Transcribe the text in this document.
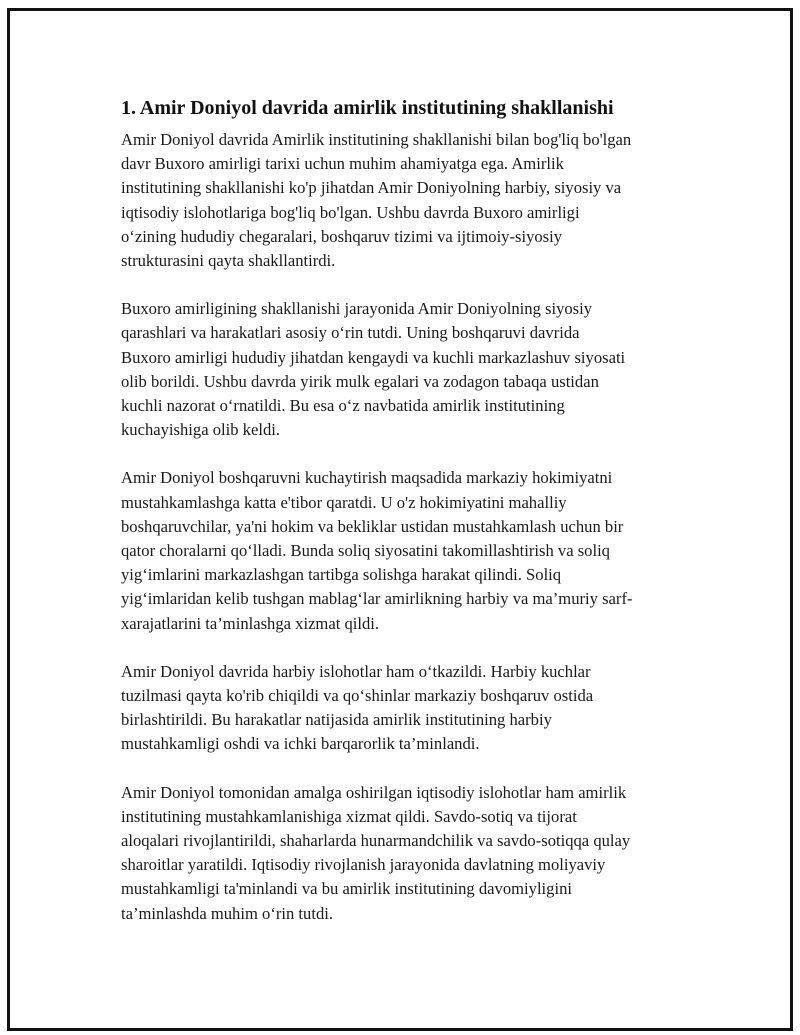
1. Amir Doniyol davrida amirlik institutining shakllanishi

Amir Doniyol davrida Amirlik institutining shakllanishi bilan bog'liq bo'lgan
davr Buxoro amirligi tarixi uchun muhim ahamiyatga ega. Amirlik
institutining shakllanishi ko'p jihatdan Amir Doniyolning harbiy, siyosiy va
iqtisodiy islohotlariga bog'liq bo'lgan. Ushbu davrda Buxoro amirligi
o‘zining hududiy chegaralari, boshqaruv tizimi va ijtimoiy-siyosiy
strukturasini qayta shakllantirdi.

Buxoro amirligining shakllanishi jarayonida Amir Doniyolning siyosiy
qarashlari va harakatlari asosiy o‘rin tutdi. Uning boshqaruvi davrida
Buxoro amirligi hududiy jihatdan kengaydi va kuchli markazlashuv siyosati
olib borildi. Ushbu davrda yirik mulk egalari va zodagon tabaqa ustidan
kuchli nazorat o‘rnatildi. Bu esa o‘z navbatida amirlik institutining
kuchayishiga olib keldi.

Amir Doniyol boshqaruvni kuchaytirish maqsadida markaziy hokimiyatni
mustahkamlashga katta e'tibor qaratdi. U o'z hokimiyatini mahalliy
boshqaruvchilar, ya'ni hokim va bekliklar ustidan mustahkamlash uchun bir
qator choralarni qo‘lladi. Bunda soliq siyosatini takomillashtirish va soliq
yig‘imlarini markazlashgan tartibga solishga harakat qilindi. Soliq
yig‘imlaridan kelib tushgan mablag‘lar amirlikning harbiy va ma’muriy sarf-
xarajatlarini ta’minlashga xizmat qildi.

Amir Doniyol davrida harbiy islohotlar ham o‘tkazildi. Harbiy kuchlar
tuzilmasi qayta ko'rib chiqildi va qo‘shinlar markaziy boshqaruv ostida
birlashtirildi. Bu harakatlar natijasida amirlik institutining harbiy
mustahkamligi oshdi va ichki barqarorlik ta’minlandi.

Amir Doniyol tomonidan amalga oshirilgan iqtisodiy islohotlar ham amirlik
institutining mustahkamlanishiga xizmat qildi. Savdo-sotiq va tijorat
aloqalari rivojlantirildi, shaharlarda hunarmandchilik va savdo-sotiqqa qulay
sharoitlar yaratildi. Iqtisodiy rivojlanish jarayonida davlatning moliyaviy
mustahkamligi ta'minlandi va bu amirlik institutining davomiyligini
ta’minlashda muhim o‘rin tutdi.
